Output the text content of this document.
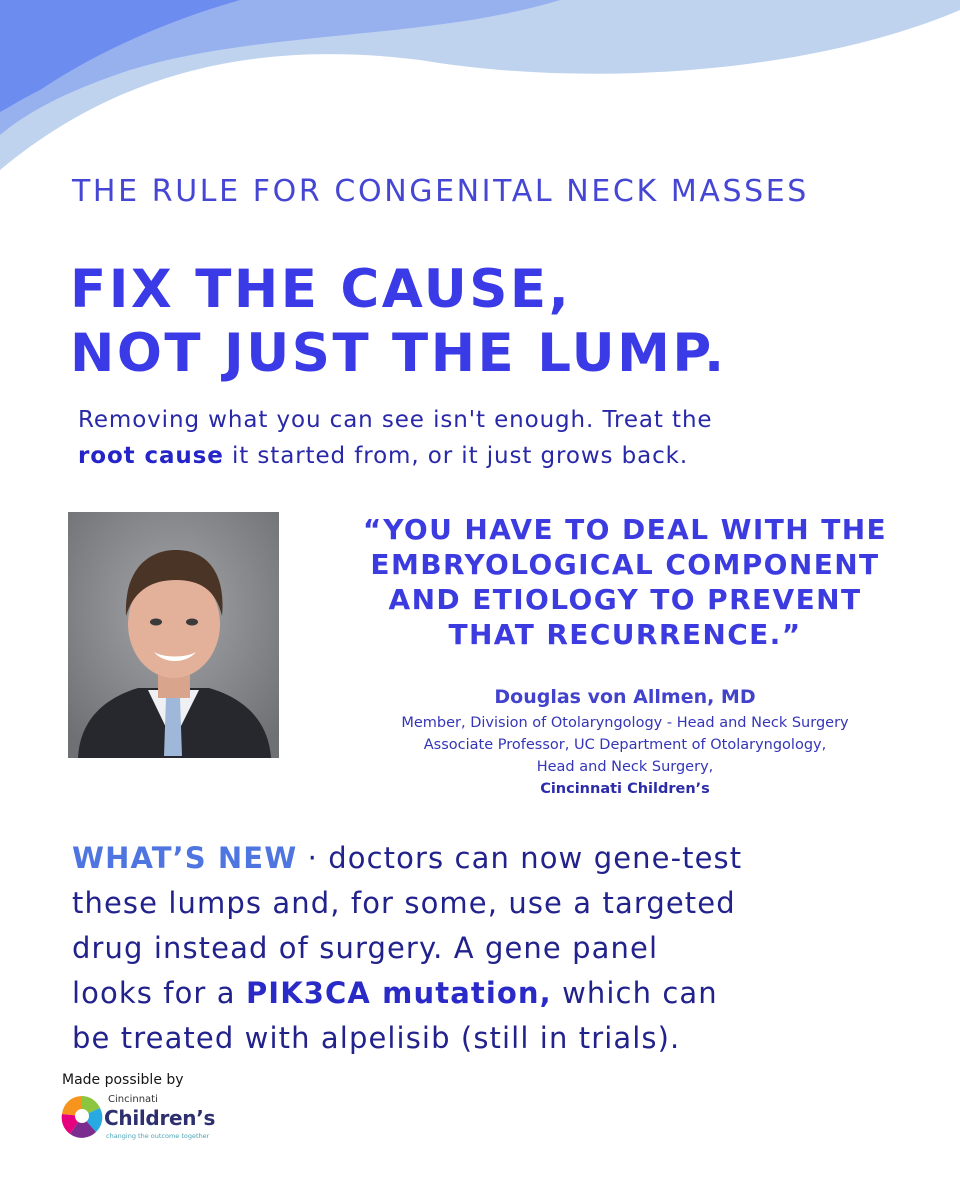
THE RULE FOR CONGENITAL NECK MASSES
FIX THE CAUSE,
NOT JUST THE LUMP.
Removing what you can see isn't enough. Treat the
root cause it started from, or it just grows back.
“YOU HAVE TO DEAL WITH THE
EMBRYOLOGICAL COMPONENT
AND ETIOLOGY TO PREVENT
THAT RECURRENCE.”
Douglas von Allmen, MD
Member, Division of Otolaryngology - Head and Neck Surgery
Associate Professor, UC Department of Otolaryngology,
Head and Neck Surgery,
Cincinnati Children’s
WHAT’S NEW · doctors can now gene-test
these lumps and, for some, use a targeted
drug instead of surgery. A gene panel
looks for a PIK3CA mutation, which can
be treated with alpelisib (still in trials).
Made possible by
Cincinnati
Children’s
changing the outcome together
